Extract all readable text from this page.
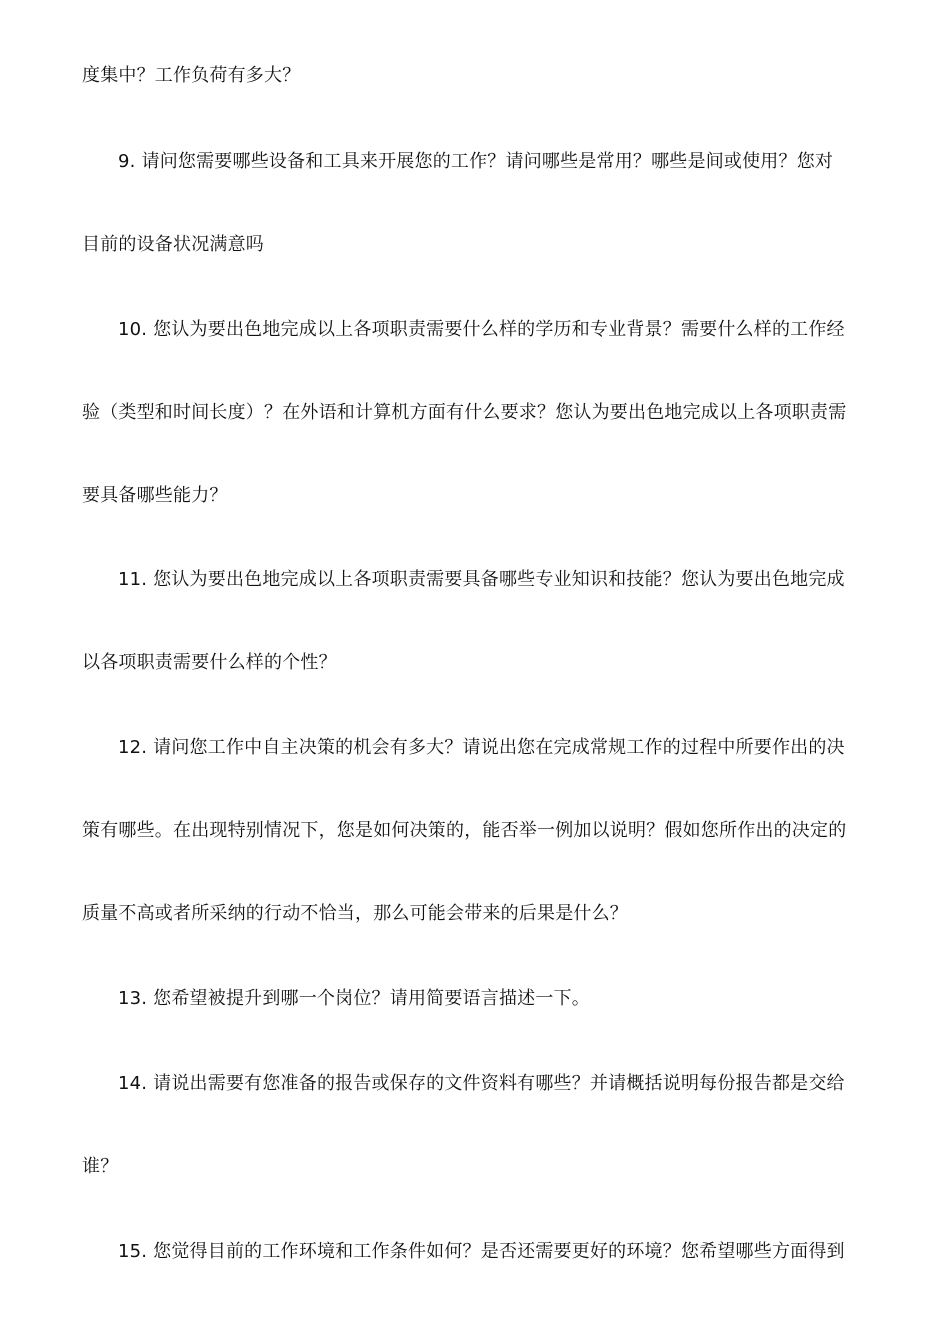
度集中？工作负荷有多大？
9. 请问您需要哪些设备和工具来开展您的工作？请问哪些是常用？哪些是间或使用？您对
目前的设备状况满意吗
10. 您认为要出色地完成以上各项职责需要什么样的学历和专业背景？需要什么样的工作经
验（类型和时间长度）？在外语和计算机方面有什么要求？您认为要出色地完成以上各项职责需
要具备哪些能力？
11. 您认为要出色地完成以上各项职责需要具备哪些专业知识和技能？您认为要出色地完成
以各项职责需要什么样的个性？
12. 请问您工作中自主决策的机会有多大？请说出您在完成常规工作的过程中所要作出的决
策有哪些。在出现特别情况下，您是如何决策的，能否举一例加以说明？假如您所作出的决定的
质量不高或者所采纳的行动不恰当，那么可能会带来的后果是什么？
13. 您希望被提升到哪一个岗位？请用简要语言描述一下。
14. 请说出需要有您准备的报告或保存的文件资料有哪些？并请概括说明每份报告都是交给
谁？
15. 您觉得目前的工作环境和工作条件如何？是否还需要更好的环境？您希望哪些方面得到
